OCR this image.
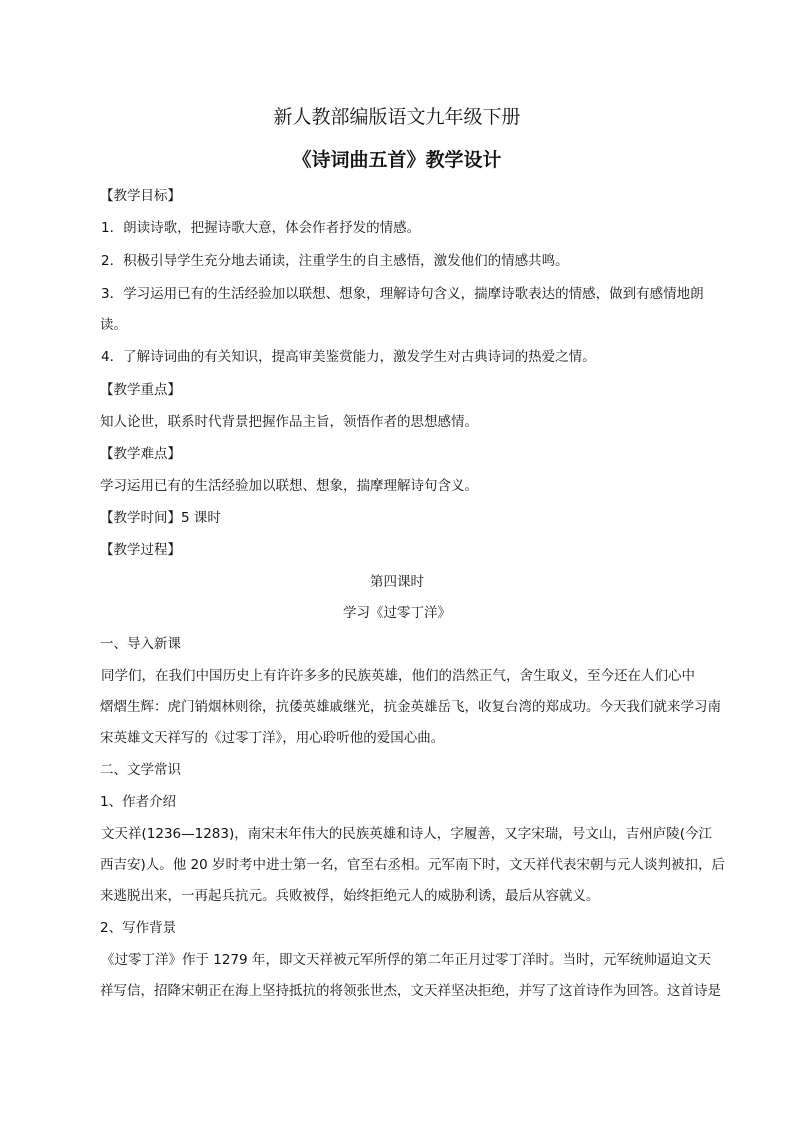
新人教部编版语文九年级下册
《诗词曲五首》教学设计
【教学目标】
1．朗读诗歌，把握诗歌大意，体会作者抒发的情感。
2．积极引导学生充分地去诵读，注重学生的自主感悟，激发他们的情感共鸣。
3．学习运用已有的生活经验加以联想、想象，理解诗句含义，揣摩诗歌表达的情感，做到有感情地朗
读。
4．了解诗词曲的有关知识，提高审美鉴赏能力，激发学生对古典诗词的热爱之情。
【教学重点】
知人论世，联系时代背景把握作品主旨，领悟作者的思想感情。
【教学难点】
学习运用已有的生活经验加以联想、想象，揣摩理解诗句含义。
【教学时间】5 课时
【教学过程】
第四课时
学习《过零丁洋》
一、导入新课
同学们，在我们中国历史上有许许多多的民族英雄，他们的浩然正气，舍生取义，至今还在人们心中
熠熠生辉：虎门销烟林则徐，抗倭英雄戚继光，抗金英雄岳飞，收复台湾的郑成功。今天我们就来学习南
宋英雄文天祥写的《过零丁洋》，用心聆听他的爱国心曲。
二、文学常识
1、作者介绍
文天祥(1236—1283)，南宋末年伟大的民族英雄和诗人，字履善，又字宋瑞，号文山，吉州庐陵(今江
西吉安)人。他 20 岁时考中进士第一名，官至右丞相。元军南下时，文天祥代表宋朝与元人谈判被扣，后
来逃脱出来，一再起兵抗元。兵败被俘，始终拒绝元人的威胁利诱，最后从容就义。
2、写作背景
《过零丁洋》作于 1279 年，即文天祥被元军所俘的第二年正月过零丁洋时。当时，元军统帅逼迫文天
祥写信，招降宋朝正在海上坚持抵抗的将领张世杰，文天祥坚决拒绝，并写了这首诗作为回答。这首诗是
